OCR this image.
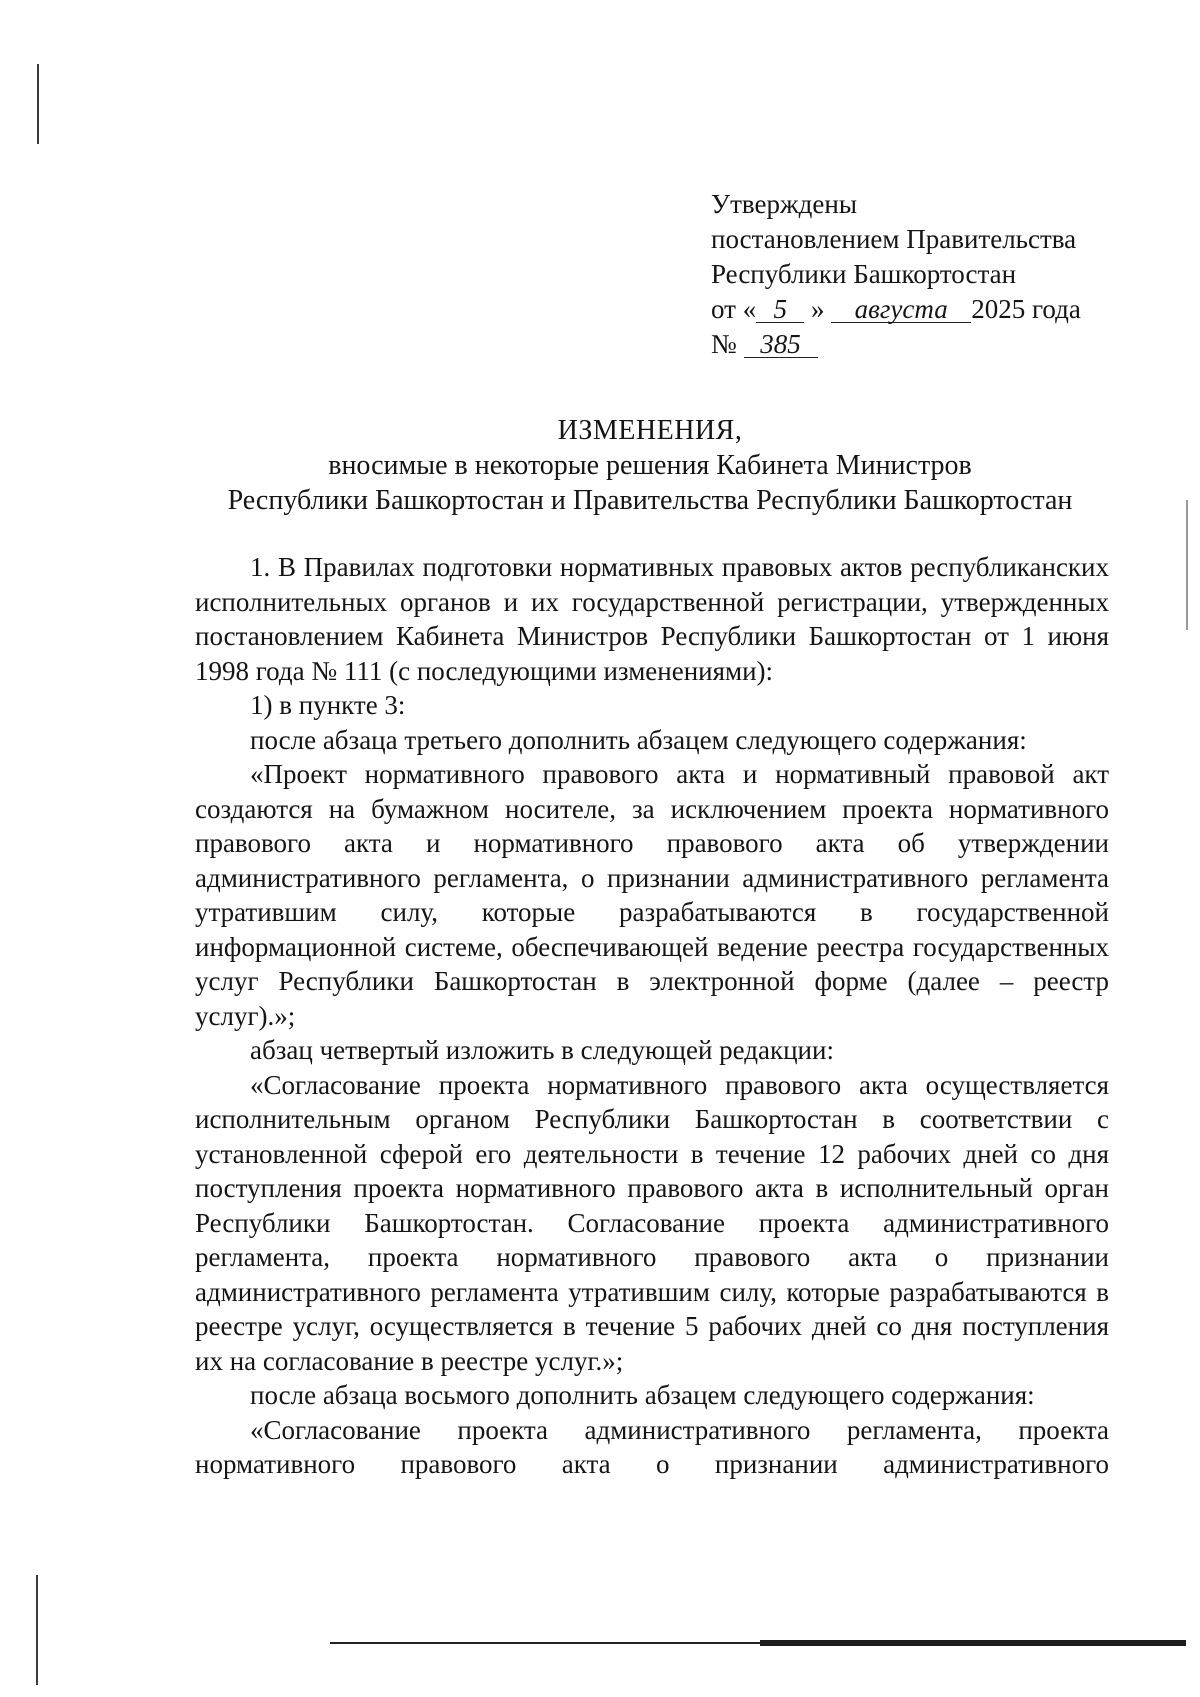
Утверждены
постановлением Правительства
Республики Башкортостан
от « 5 » августа 2025 года
№ 385
ИЗМЕНЕНИЯ,
вносимые в некоторые решения Кабинета Министров
Республики Башкортостан и Правительства Республики Башкортостан

1. В Правилах подготовки нормативных правовых актов республиканских исполнительных органов и их государственной регистрации, утвержденных постановлением Кабинета Министров Республики Башкортостан от 1 июня 1998 года № 111 (с последующими изменениями):

1) в пункте 3:

после абзаца третьего дополнить абзацем следующего содержания:

«Проект нормативного правового акта и нормативный правовой акт создаются на бумажном носителе, за исключением проекта нормативного правового акта и нормативного правового акта об утверждении административного регламента, о признании административного регламента утратившим силу, которые разрабатываются в государственной информационной системе, обеспечивающей ведение реестра государственных услуг Республики Башкортостан в электронной форме (далее – реестр услуг).»;

абзац четвертый изложить в следующей редакции:

«Согласование проекта нормативного правового акта осуществляется исполнительным органом Республики Башкортостан в соответствии с установленной сферой его деятельности в течение 12 рабочих дней со дня поступления проекта нормативного правового акта в исполнительный орган Республики Башкортостан. Согласование проекта административного регламента, проекта нормативного правового акта о признании административного регламента утратившим силу, которые разрабатываются в реестре услуг, осуществляется в течение 5 рабочих дней со дня поступления их на согласование в реестре услуг.»;

после абзаца восьмого дополнить абзацем следующего содержания:

«Согласование проекта административного регламента, проекта нормативного правового акта о признании административного
